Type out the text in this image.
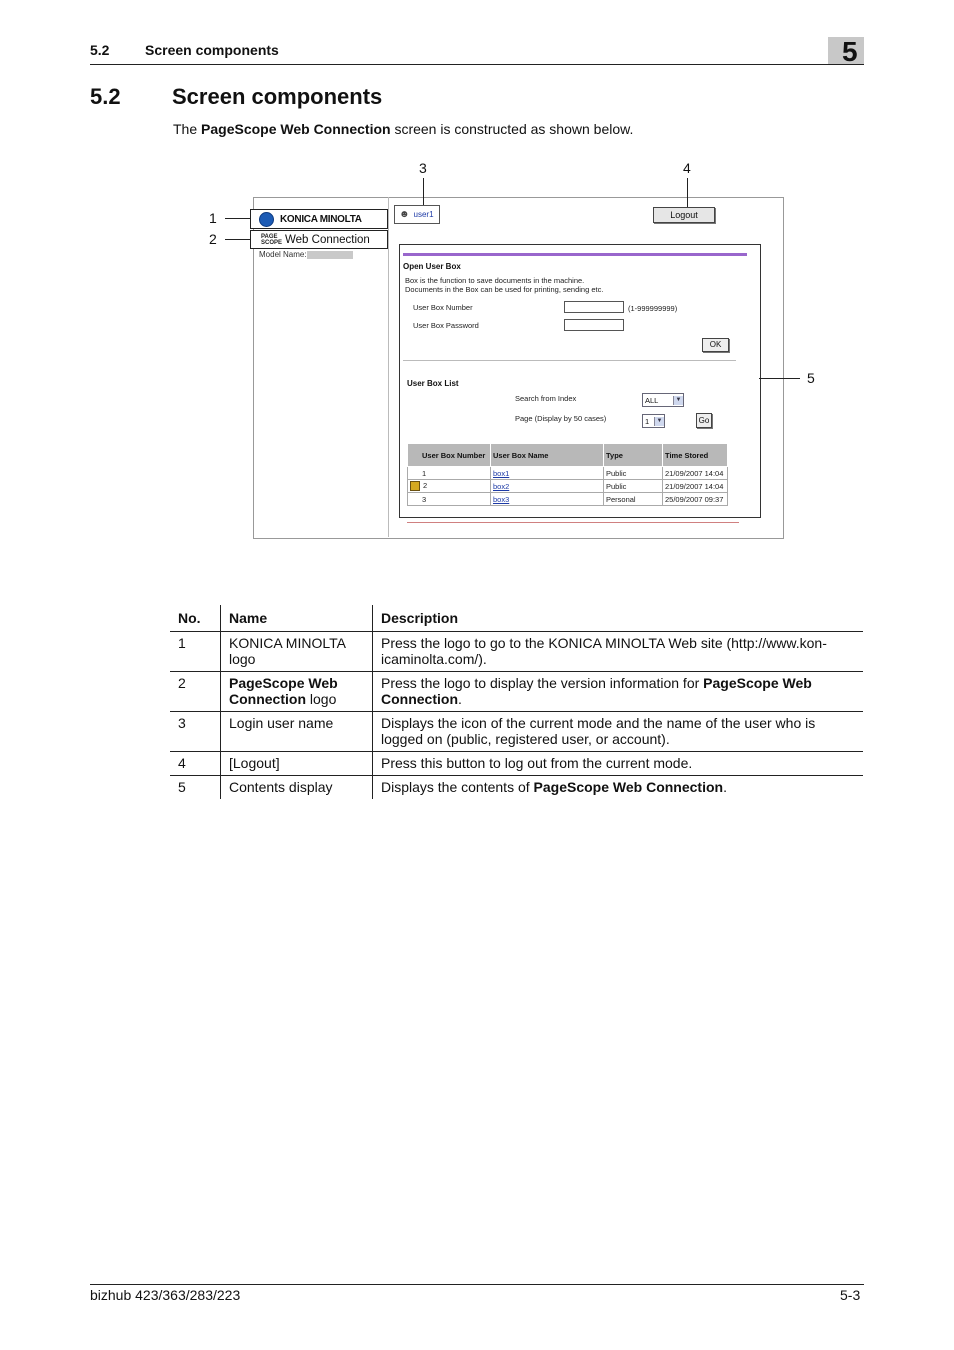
5.2	Screen components	5
5.2 Screen components
The PageScope Web Connection screen is constructed as shown below.
KONICA MINOLTA
PAGE SCOPE Web Connection
Model Name:
☻ user1	Logout
Open User Box
Box is the function to save documents in the machine.
Documents in the Box can be used for printing, sending etc.
User Box Number	(1-999999999)
User Box Password
OK
User Box List
Search from Index	ALL	▼
Page (Display by 50 cases)	1	▼	Go
User Box Number	User Box Name	Type	Time Stored
1	box1	Public	21/09/2007 14:04
2	box2	Public	21/09/2007 14:04
3	box3	Personal	25/09/2007 09:37
1
2
3	4
5
No.	Name	Description
1	KONICA MINOLTA logo	Press the logo to go to the KONICA MINOLTA Web site (http://www.kon-icaminolta.com/).
2	PageScope Web Connection logo	Press the logo to display the version information for PageScope Web Connection.
3	Login user name	Displays the icon of the current mode and the name of the user who is logged on (public, registered user, or account).
4	[Logout]	Press this button to log out from the current mode.
5	Contents display	Displays the contents of PageScope Web Connection.
bizhub 423/363/283/223	5-3
